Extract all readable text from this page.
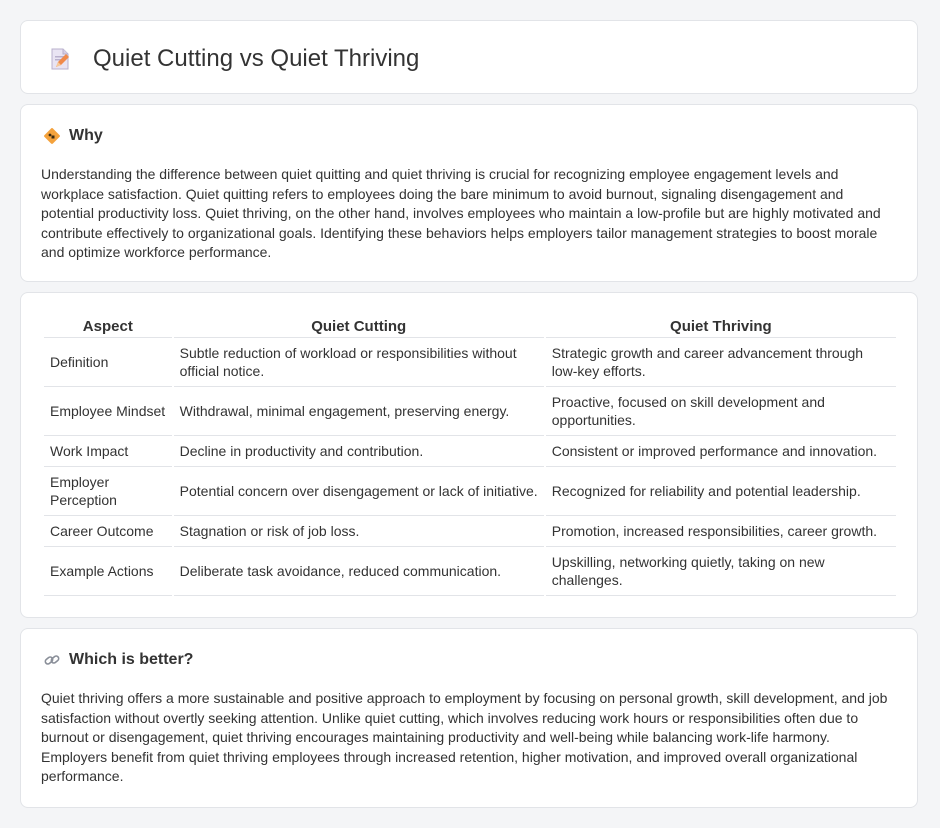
Quiet Cutting vs Quiet Thriving
Why

Understanding the difference between quiet quitting and quiet thriving is crucial for recognizing employee engagement levels and workplace satisfaction. Quiet quitting refers to employees doing the bare minimum to avoid burnout, signaling disengagement and potential productivity loss. Quiet thriving, on the other hand, involves employees who maintain a low-profile but are highly motivated and contribute effectively to organizational goals. Identifying these behaviors helps employers tailor management strategies to boost morale and optimize workforce performance.

Aspect	Quiet Cutting	Quiet Thriving
Definition	Subtle reduction of workload or responsibilities without official notice.	Strategic growth and career advancement through low-key efforts.
Employee Mindset	Withdrawal, minimal engagement, preserving energy.	Proactive, focused on skill development and opportunities.
Work Impact	Decline in productivity and contribution.	Consistent or improved performance and innovation.
Employer Perception	Potential concern over disengagement or lack of initiative.	Recognized for reliability and potential leadership.
Career Outcome	Stagnation or risk of job loss.	Promotion, increased responsibilities, career growth.
Example Actions	Deliberate task avoidance, reduced communication.	Upskilling, networking quietly, taking on new challenges.
Which is better?

Quiet thriving offers a more sustainable and positive approach to employment by focusing on personal growth, skill development, and job satisfaction without overtly seeking attention. Unlike quiet cutting, which involves reducing work hours or responsibilities often due to burnout or disengagement, quiet thriving encourages maintaining productivity and well-being while balancing work-life harmony. Employers benefit from quiet thriving employees through increased retention, higher motivation, and improved overall organizational performance.
